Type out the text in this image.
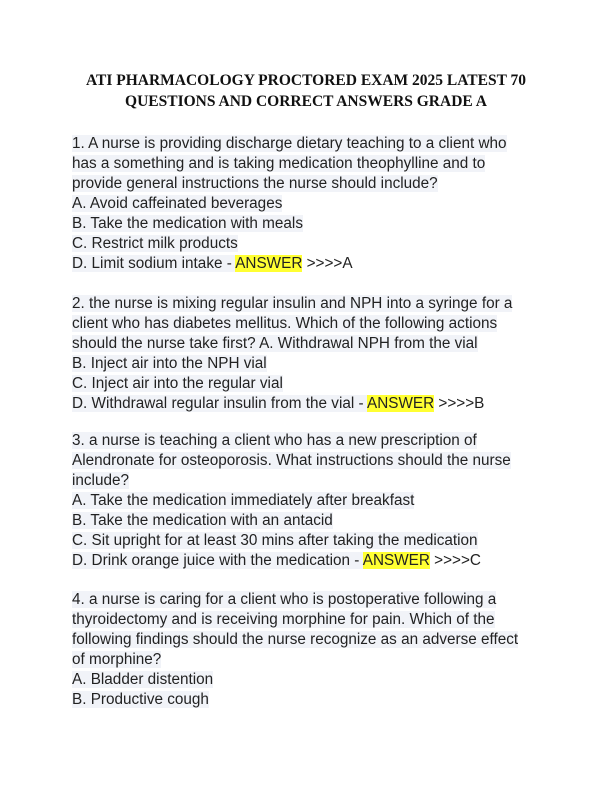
ATI PHARMACOLOGY PROCTORED EXAM 2025 LATEST 70
QUESTIONS AND CORRECT ANSWERS GRADE A
1. A nurse is providing discharge dietary teaching to a client who
has a something and is taking medication theophylline and to
provide general instructions the nurse should include?
A. Avoid caffeinated beverages
B. Take the medication with meals
C. Restrict milk products
D. Limit sodium intake - ANSWER >>>>A
2. the nurse is mixing regular insulin and NPH into a syringe for a
client who has diabetes mellitus. Which of the following actions
should the nurse take first? A. Withdrawal NPH from the vial
B. Inject air into the NPH vial
C. Inject air into the regular vial
D. Withdrawal regular insulin from the vial - ANSWER >>>>B
3. a nurse is teaching a client who has a new prescription of
Alendronate for osteoporosis. What instructions should the nurse
include?
A. Take the medication immediately after breakfast
B. Take the medication with an antacid
C. Sit upright for at least 30 mins after taking the medication
D. Drink orange juice with the medication - ANSWER >>>>C
4. a nurse is caring for a client who is postoperative following a
thyroidectomy and is receiving morphine for pain. Which of the
following findings should the nurse recognize as an adverse effect
of morphine?
A. Bladder distention
B. Productive cough
